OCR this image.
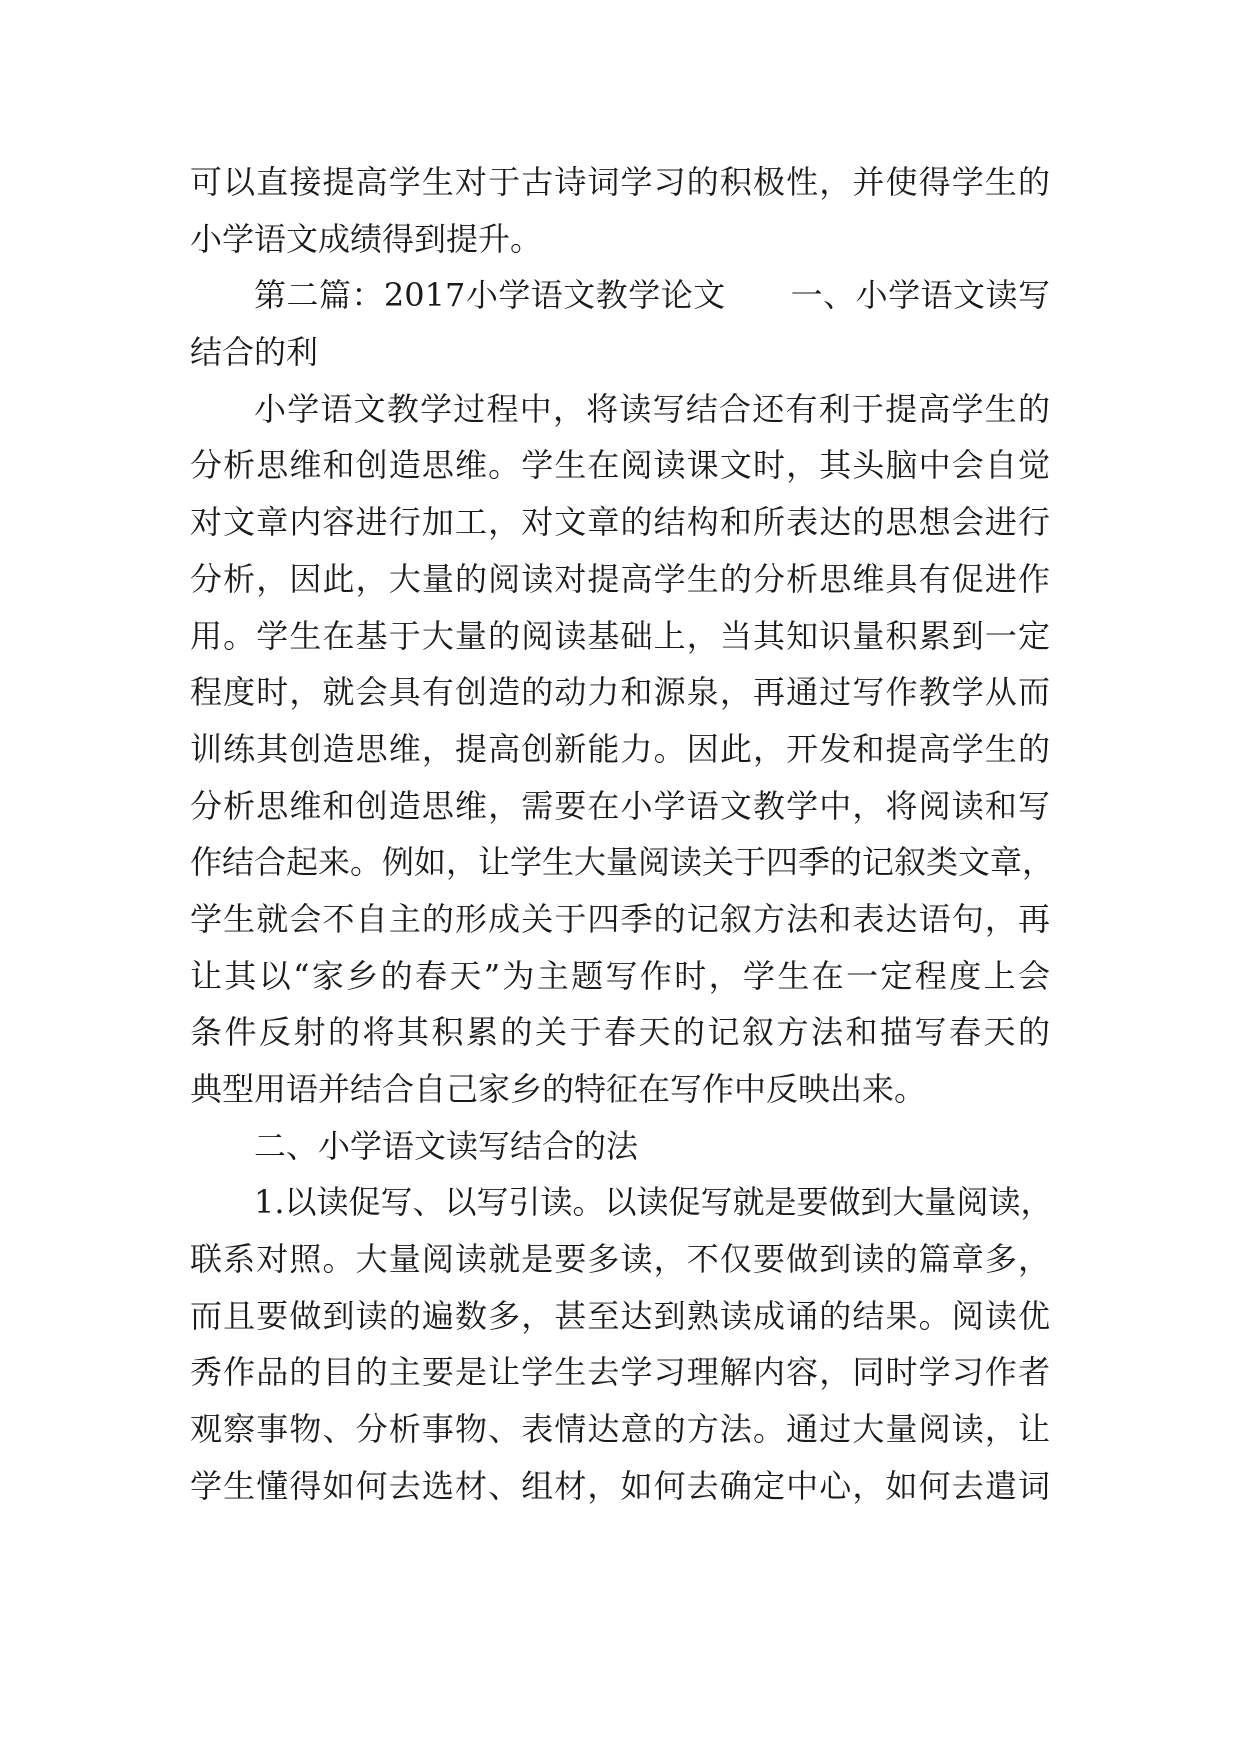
可以直接提高学生对于古诗词学习的积极性，并使得学生的
小学语文成绩得到提升。
第二篇：2017小学语文教学论文　　一、小学语文读写
结合的利
小学语文教学过程中，将读写结合还有利于提高学生的
分析思维和创造思维。学生在阅读课文时，其头脑中会自觉
对文章内容进行加工，对文章的结构和所表达的思想会进行
分析，因此，大量的阅读对提高学生的分析思维具有促进作
用。学生在基于大量的阅读基础上，当其知识量积累到一定
程度时，就会具有创造的动力和源泉，再通过写作教学从而
训练其创造思维，提高创新能力。因此，开发和提高学生的
分析思维和创造思维，需要在小学语文教学中，将阅读和写
作结合起来。例如，让学生大量阅读关于四季的记叙类文章，
学生就会不自主的形成关于四季的记叙方法和表达语句，再
让其以“家乡的春天”为主题写作时，学生在一定程度上会
条件反射的将其积累的关于春天的记叙方法和描写春天的
典型用语并结合自己家乡的特征在写作中反映出来。
二、小学语文读写结合的法
1.以读促写、以写引读。以读促写就是要做到大量阅读，
联系对照。大量阅读就是要多读，不仅要做到读的篇章多，
而且要做到读的遍数多，甚至达到熟读成诵的结果。阅读优
秀作品的目的主要是让学生去学习理解内容，同时学习作者
观察事物、分析事物、表情达意的方法。通过大量阅读，让
学生懂得如何去选材、组材，如何去确定中心，如何去遣词
